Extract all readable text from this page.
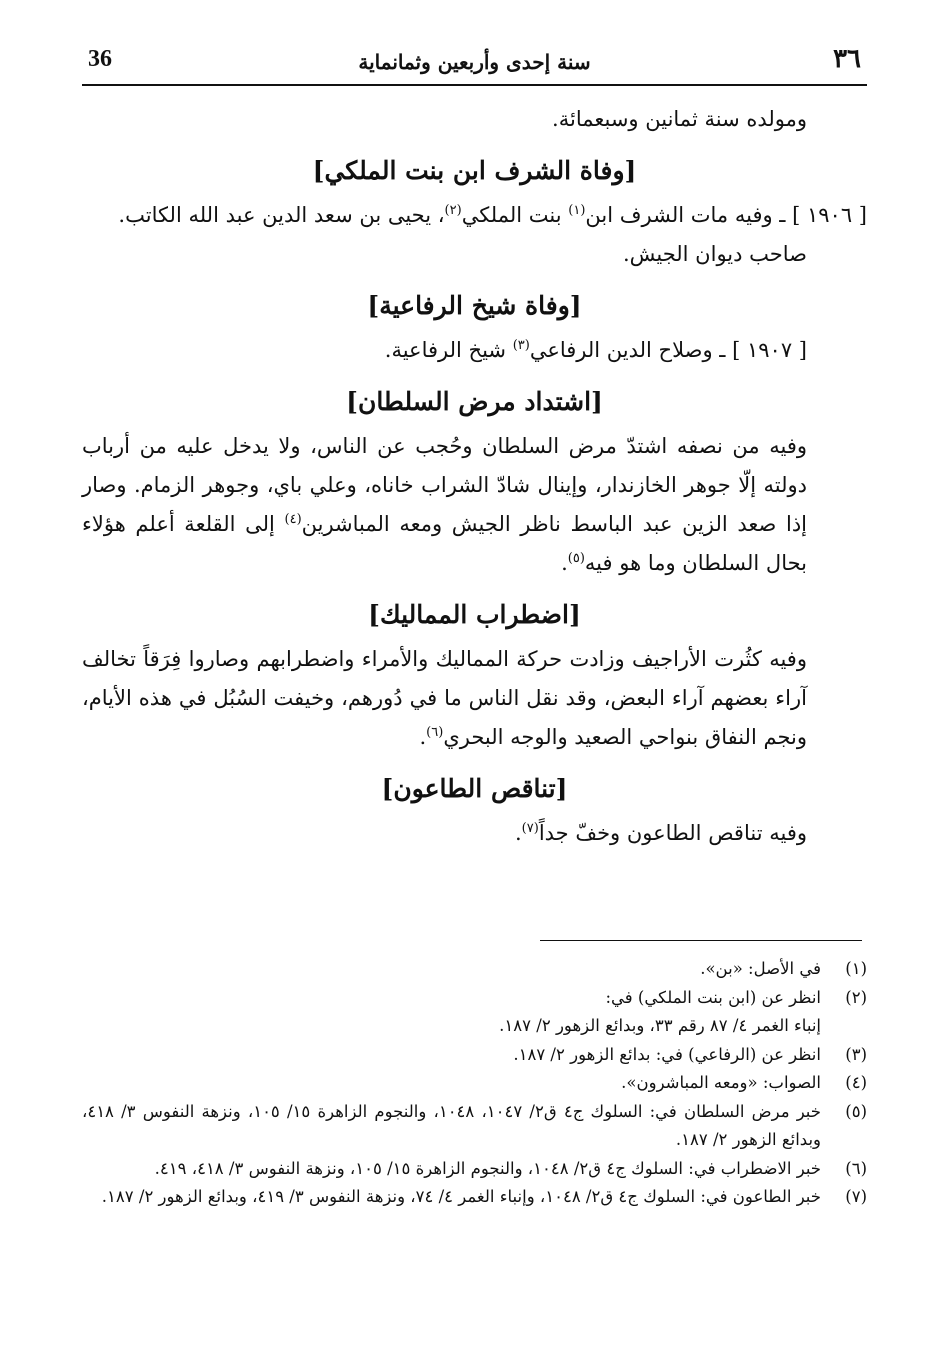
٣٦
سنة إحدى وأربعين وثمانماية
36

ومولده سنة ثمانين وسبعمائة.

[وفاة الشرف ابن بنت الملكي]

[ ١٩٠٦ ] ـ وفيه مات الشرف ابن$^{(١)}$ بنت الملكي$^{(٢)}$، يحيى بن سعد الدين عبد الله الكاتب.

صاحب ديوان الجيش.

[وفاة شيخ الرفاعية]

[ ١٩٠٧ ] ـ وصلاح الدين الرفاعي$^{(٣)}$ شيخ الرفاعية.

[اشتداد مرض السلطان]

وفيه من نصفه اشتدّ مرض السلطان وحُجب عن الناس، ولا يدخل عليه من أرباب دولته إلّا جوهر الخازندار، وإينال شادّ الشراب خاناه، وعلي باي، وجوهر الزمام. وصار إذا صعد الزين عبد الباسط ناظر الجيش ومعه المباشرين$^{(٤)}$ إلى القلعة أعلم هؤلاء بحال السلطان وما هو فيه$^{(٥)}$.

[اضطراب المماليك]

وفيه كثُرت الأراجيف وزادت حركة المماليك والأمراء واضطرابهم وصاروا فِرَقاً تخالف آراء بعضهم آراء البعض، وقد نقل الناس ما في دُورهم، وخيفت السُبُل في هذه الأيام، ونجم النفاق بنواحي الصعيد والوجه البحري$^{(٦)}$.

[تناقص الطاعون]

وفيه تناقص الطاعون وخفّ جداً$^{(٧)}$.

(١)
في الأصل: «بن».
(٢)
انظر عن (ابن بنت الملكي) في:
إنباء الغمر ٤/ ٨٧ رقم ٣٣، وبدائع الزهور ٢/ ١٨٧.
(٣)
انظر عن (الرفاعي) في: بدائع الزهور ٢/ ١٨٧.
(٤)
الصواب: «ومعه المباشرون».
(٥)
خبر مرض السلطان في: السلوك ج٤ ق٢/ ١٠٤٧، ١٠٤٨، والنجوم الزاهرة ١٥/ ١٠٥، ونزهة النفوس ٣/ ٤١٨، وبدائع الزهور ٢/ ١٨٧.
(٦)
خبر الاضطراب في: السلوك ج٤ ق٢/ ١٠٤٨، والنجوم الزاهرة ١٥/ ١٠٥، ونزهة النفوس ٣/ ٤١٨، ٤١٩.
(٧)
خبر الطاعون في: السلوك ج٤ ق٢/ ١٠٤٨، وإنباء الغمر ٤/ ٧٤، ونزهة النفوس ٣/ ٤١٩، وبدائع الزهور ٢/ ١٨٧.
